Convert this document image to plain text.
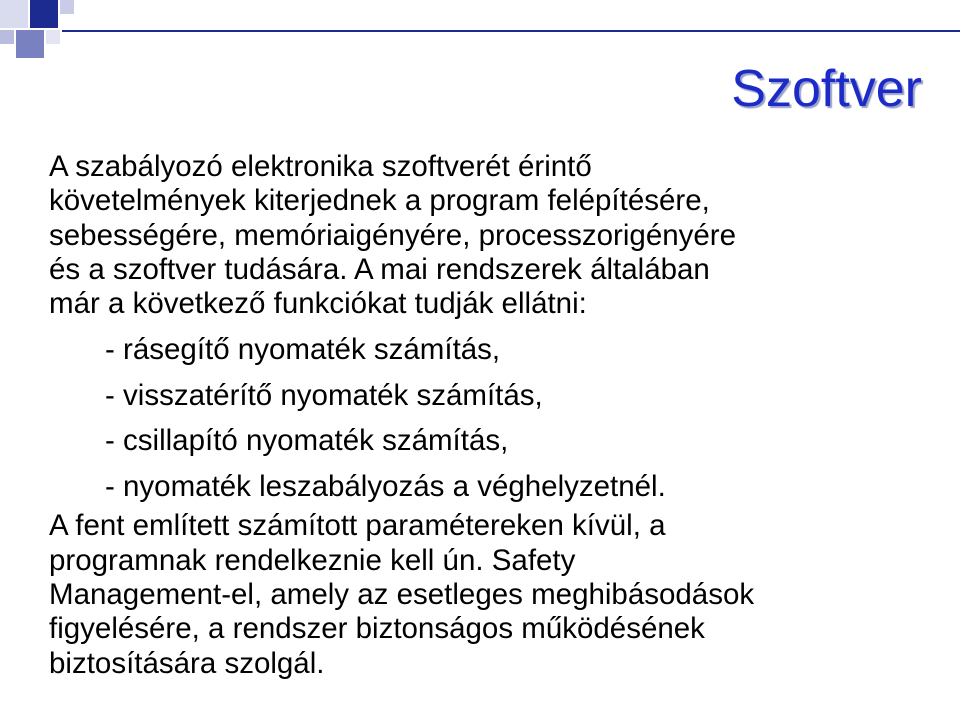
Szoftver

A szabályozó elektronika szoftverét érintő
követelmények kiterjednek a program felépítésére,
sebességére, memóriaigényére, processzorigényére
és a szoftver tudására. A mai rendszerek általában
már a következő funkciókat tudják ellátni:

- rásegítő nyomaték számítás,
- visszatérítő nyomaték számítás,
- csillapító nyomaték számítás,
- nyomaték leszabályozás a véghelyzetnél.

A fent említett számított paramétereken kívül, a
programnak rendelkeznie kell ún. Safety
Management-el, amely az esetleges meghibásodások
figyelésére, a rendszer biztonságos működésének
biztosítására szolgál.
